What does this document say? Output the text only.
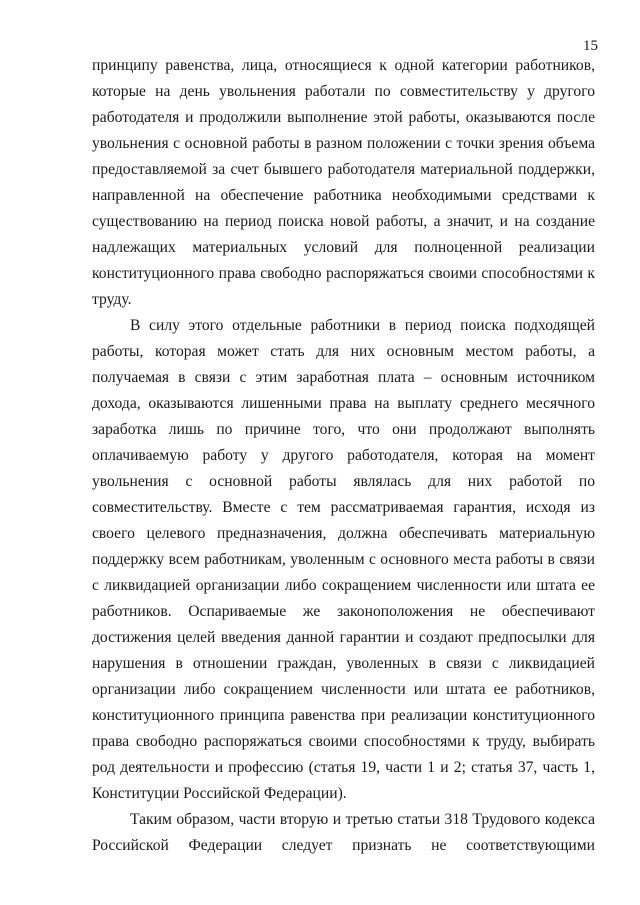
15
принципу равенства, лица, относящиеся к одной категории работников,
которые на день увольнения работали по совместительству у другого
работодателя и продолжили выполнение этой работы, оказываются после
увольнения с основной работы в разном положении с точки зрения объема
предоставляемой за счет бывшего работодателя материальной поддержки,
направленной на обеспечение работника необходимыми средствами к
существованию на период поиска новой работы, а значит, и на создание
надлежащих материальных условий для полноценной реализации
конституционного права свободно распоряжаться своими способностями к
труду.
В силу этого отдельные работники в период поиска подходящей
работы, которая может стать для них основным местом работы, а
получаемая в связи с этим заработная плата – основным источником
дохода, оказываются лишенными права на выплату среднего месячного
заработка лишь по причине того, что они продолжают выполнять
оплачиваемую работу у другого работодателя, которая на момент
увольнения с основной работы являлась для них работой по
совместительству. Вместе с тем рассматриваемая гарантия, исходя из
своего целевого предназначения, должна обеспечивать материальную
поддержку всем работникам, уволенным с основного места работы в связи
с ликвидацией организации либо сокращением численности или штата ее
работников. Оспариваемые же законоположения не обеспечивают
достижения целей введения данной гарантии и создают предпосылки для
нарушения в отношении граждан, уволенных в связи с ликвидацией
организации либо сокращением численности или штата ее работников,
конституционного принципа равенства при реализации конституционного
права свободно распоряжаться своими способностями к труду, выбирать
род деятельности и профессию (статья 19, части 1 и 2; статья 37, часть 1,
Конституции Российской Федерации).
Таким образом, части вторую и третью статьи 318 Трудового кодекса
Российской Федерации следует признать не соответствующими
